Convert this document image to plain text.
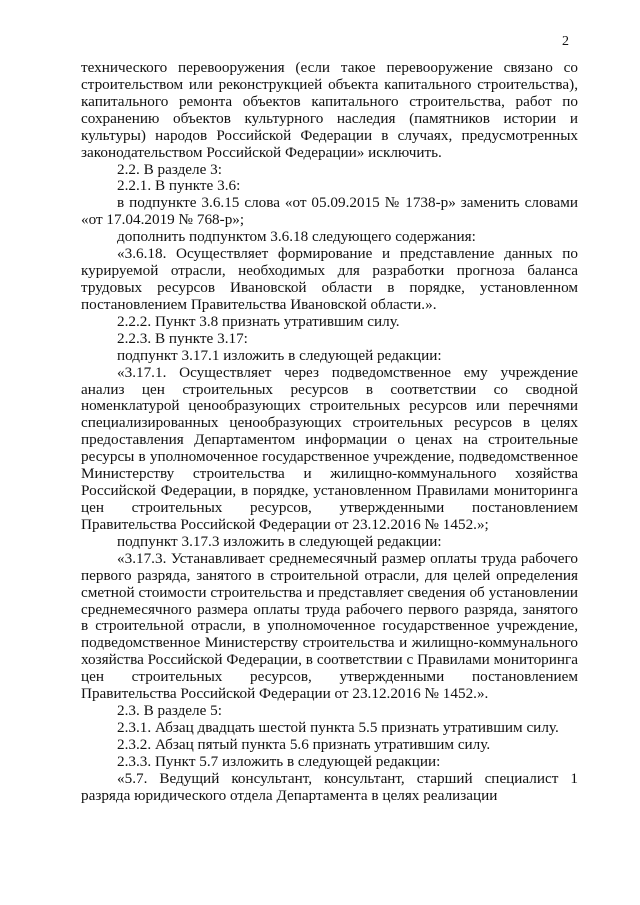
2

технического перевооружения (если такое перевооружение связано со строительством или реконструкцией объекта капитального строительства), капитального ремонта объектов капитального строительства, работ по сохранению объектов культурного наследия (памятников истории и культуры) народов Российской Федерации в случаях, предусмотренных законодательством Российской Федерации» исключить.

2.2. В разделе 3:

2.2.1. В пункте 3.6:

в подпункте 3.6.15 слова «от 05.09.2015 № 1738-р» заменить словами «от 17.04.2019 № 768-р»;

дополнить подпунктом 3.6.18 следующего содержания:

«3.6.18. Осуществляет формирование и представление данных по курируемой отрасли, необходимых для разработки прогноза баланса трудовых ресурсов Ивановской области в порядке, установленном постановлением Правительства Ивановской области.».

2.2.2. Пункт 3.8 признать утратившим силу.

2.2.3. В пункте 3.17:

подпункт 3.17.1 изложить в следующей редакции:

«3.17.1. Осуществляет через подведомственное ему учреждение анализ цен строительных ресурсов в соответствии со сводной номенклатурой ценообразующих строительных ресурсов или перечнями специализированных ценообразующих строительных ресурсов в целях предоставления Департаментом информации о ценах на строительные ресурсы в уполномоченное государственное учреждение, подведомственное Министерству строительства и жилищно-коммунального хозяйства Российской Федерации, в порядке, установленном Правилами мониторинга цен строительных ресурсов, утвержденными постановлением Правительства Российской Федерации от 23.12.2016 № 1452.»;

подпункт 3.17.3 изложить в следующей редакции:

«3.17.3. Устанавливает среднемесячный размер оплаты труда рабочего первого разряда, занятого в строительной отрасли, для целей определения сметной стоимости строительства и представляет сведения об установлении среднемесячного размера оплаты труда рабочего первого разряда, занятого в строительной отрасли, в уполномоченное государственное учреждение, подведомственное Министерству строительства и жилищно-коммунального хозяйства Российской Федерации, в соответствии с Правилами мониторинга цен строительных ресурсов, утвержденными постановлением Правительства Российской Федерации от 23.12.2016 № 1452.».

2.3. В разделе 5:

2.3.1. Абзац двадцать шестой пункта 5.5 признать утратившим силу.

2.3.2. Абзац пятый пункта 5.6 признать утратившим силу.

2.3.3. Пункт 5.7 изложить в следующей редакции:

«5.7. Ведущий консультант, консультант, старший специалист 1 разряда юридического отдела Департамента в целях реализации
